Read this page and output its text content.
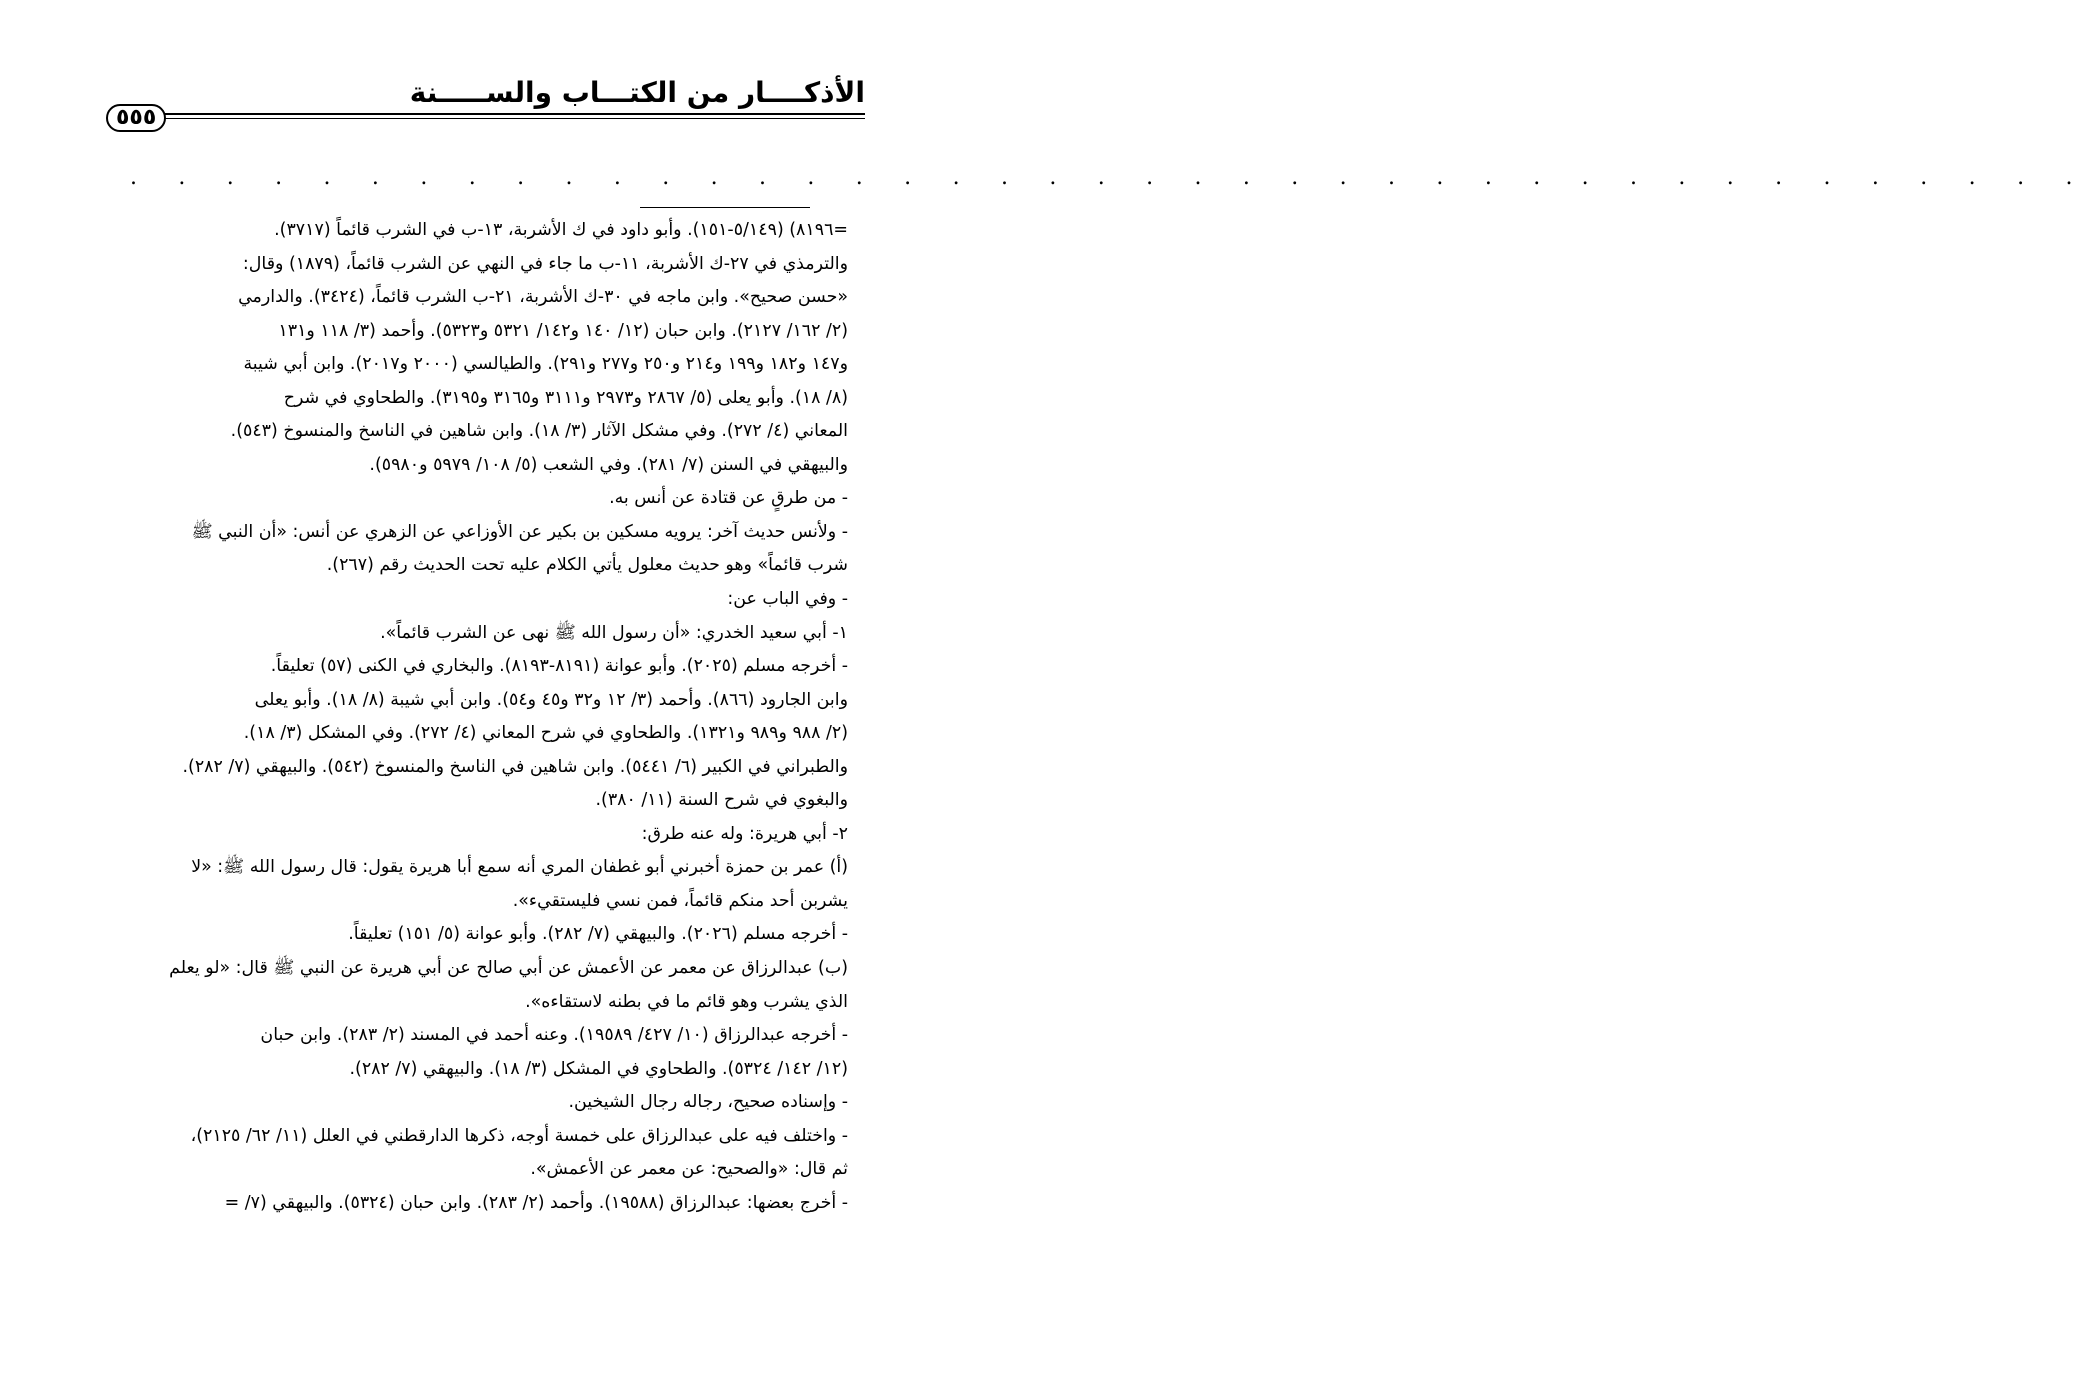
الأذكــــار من الكتـــاب والســـــنة
٥٥٥
. . . . . . . . . . . . . . . . . . . . . . . . . . . . . . . . . . . . . . . . .
=٨١٩٦) (٥/١٤٩-١٥١). وأبو داود في ك الأشربة، ١٣-ب في الشرب قائماً (٣٧١٧).
والترمذي في ٢٧-ك الأشربة، ١١-ب ما جاء في النهي عن الشرب قائماً، (١٨٧٩) وقال:
«حسن صحيح». وابن ماجه في ٣٠-ك الأشربة، ٢١-ب الشرب قائماً، (٣٤٢٤). والدارمي
(٢/ ١٦٢/ ٢١٢٧). وابن حبان (١٢/ ١٤٠ و١٤٢/ ٥٣٢١ و٥٣٢٣). وأحمد (٣/ ١١٨ و١٣١
و١٤٧ و١٨٢ و١٩٩ و٢١٤ و٢٥٠ و٢٧٧ و٢٩١). والطيالسي (٢٠٠٠ و٢٠١٧). وابن أبي شيبة
(٨/ ١٨). وأبو يعلى (٥/ ٢٨٦٧ و٢٩٧٣ و٣١١١ و٣١٦٥ و٣١٩٥). والطحاوي في شرح
المعاني (٤/ ٢٧٢). وفي مشكل الآثار (٣/ ١٨). وابن شاهين في الناسخ والمنسوخ (٥٤٣).
والبيهقي في السنن (٧/ ٢٨١). وفي الشعب (٥/ ١٠٨/ ٥٩٧٩ و٥٩٨٠).
- من طرقٍ عن قتادة عن أنس به.
- ولأنس حديث آخر: يرويه مسكين بن بكير عن الأوزاعي عن الزهري عن أنس: «أن النبي ﷺ
شرب قائماً» وهو حديث معلول يأتي الكلام عليه تحت الحديث رقم (٢٦٧).
- وفي الباب عن:
١- أبي سعيد الخدري: «أن رسول الله ﷺ نهى عن الشرب قائماً».
- أخرجه مسلم (٢٠٢٥). وأبو عوانة (٨١٩١-٨١٩٣). والبخاري في الكنى (٥٧) تعليقاً.
وابن الجارود (٨٦٦). وأحمد (٣/ ١٢ و٣٢ و٤٥ و٥٤). وابن أبي شيبة (٨/ ١٨). وأبو يعلى
(٢/ ٩٨٨ و٩٨٩ و١٣٢١). والطحاوي في شرح المعاني (٤/ ٢٧٢). وفي المشكل (٣/ ١٨).
والطبراني في الكبير (٦/ ٥٤٤١). وابن شاهين في الناسخ والمنسوخ (٥٤٢). والبيهقي (٧/ ٢٨٢).
والبغوي في شرح السنة (١١/ ٣٨٠).
٢- أبي هريرة: وله عنه طرق:
(أ) عمر بن حمزة أخبرني أبو غطفان المري أنه سمع أبا هريرة يقول: قال رسول الله ﷺ: «لا
يشربن أحد منكم قائماً، فمن نسي فليستقيء».
- أخرجه مسلم (٢٠٢٦). والبيهقي (٧/ ٢٨٢). وأبو عوانة (٥/ ١٥١) تعليقاً.
(ب) عبدالرزاق عن معمر عن الأعمش عن أبي صالح عن أبي هريرة عن النبي ﷺ قال: «لو يعلم
الذي يشرب وهو قائم ما في بطنه لاستقاءه».
- أخرجه عبدالرزاق (١٠/ ٤٢٧/ ١٩٥٨٩). وعنه أحمد في المسند (٢/ ٢٨٣). وابن حبان
(١٢/ ١٤٢/ ٥٣٢٤). والطحاوي في المشكل (٣/ ١٨). والبيهقي (٧/ ٢٨٢).
- وإسناده صحيح، رجاله رجال الشيخين.
- واختلف فيه على عبدالرزاق على خمسة أوجه، ذكرها الدارقطني في العلل (١١/ ٦٢/ ٢١٢٥)،
ثم قال: «والصحيح: عن معمر عن الأعمش».
- أخرج بعضها: عبدالرزاق (١٩٥٨٨). وأحمد (٢/ ٢٨٣). وابن حبان (٥٣٢٤). والبيهقي (٧/ =
